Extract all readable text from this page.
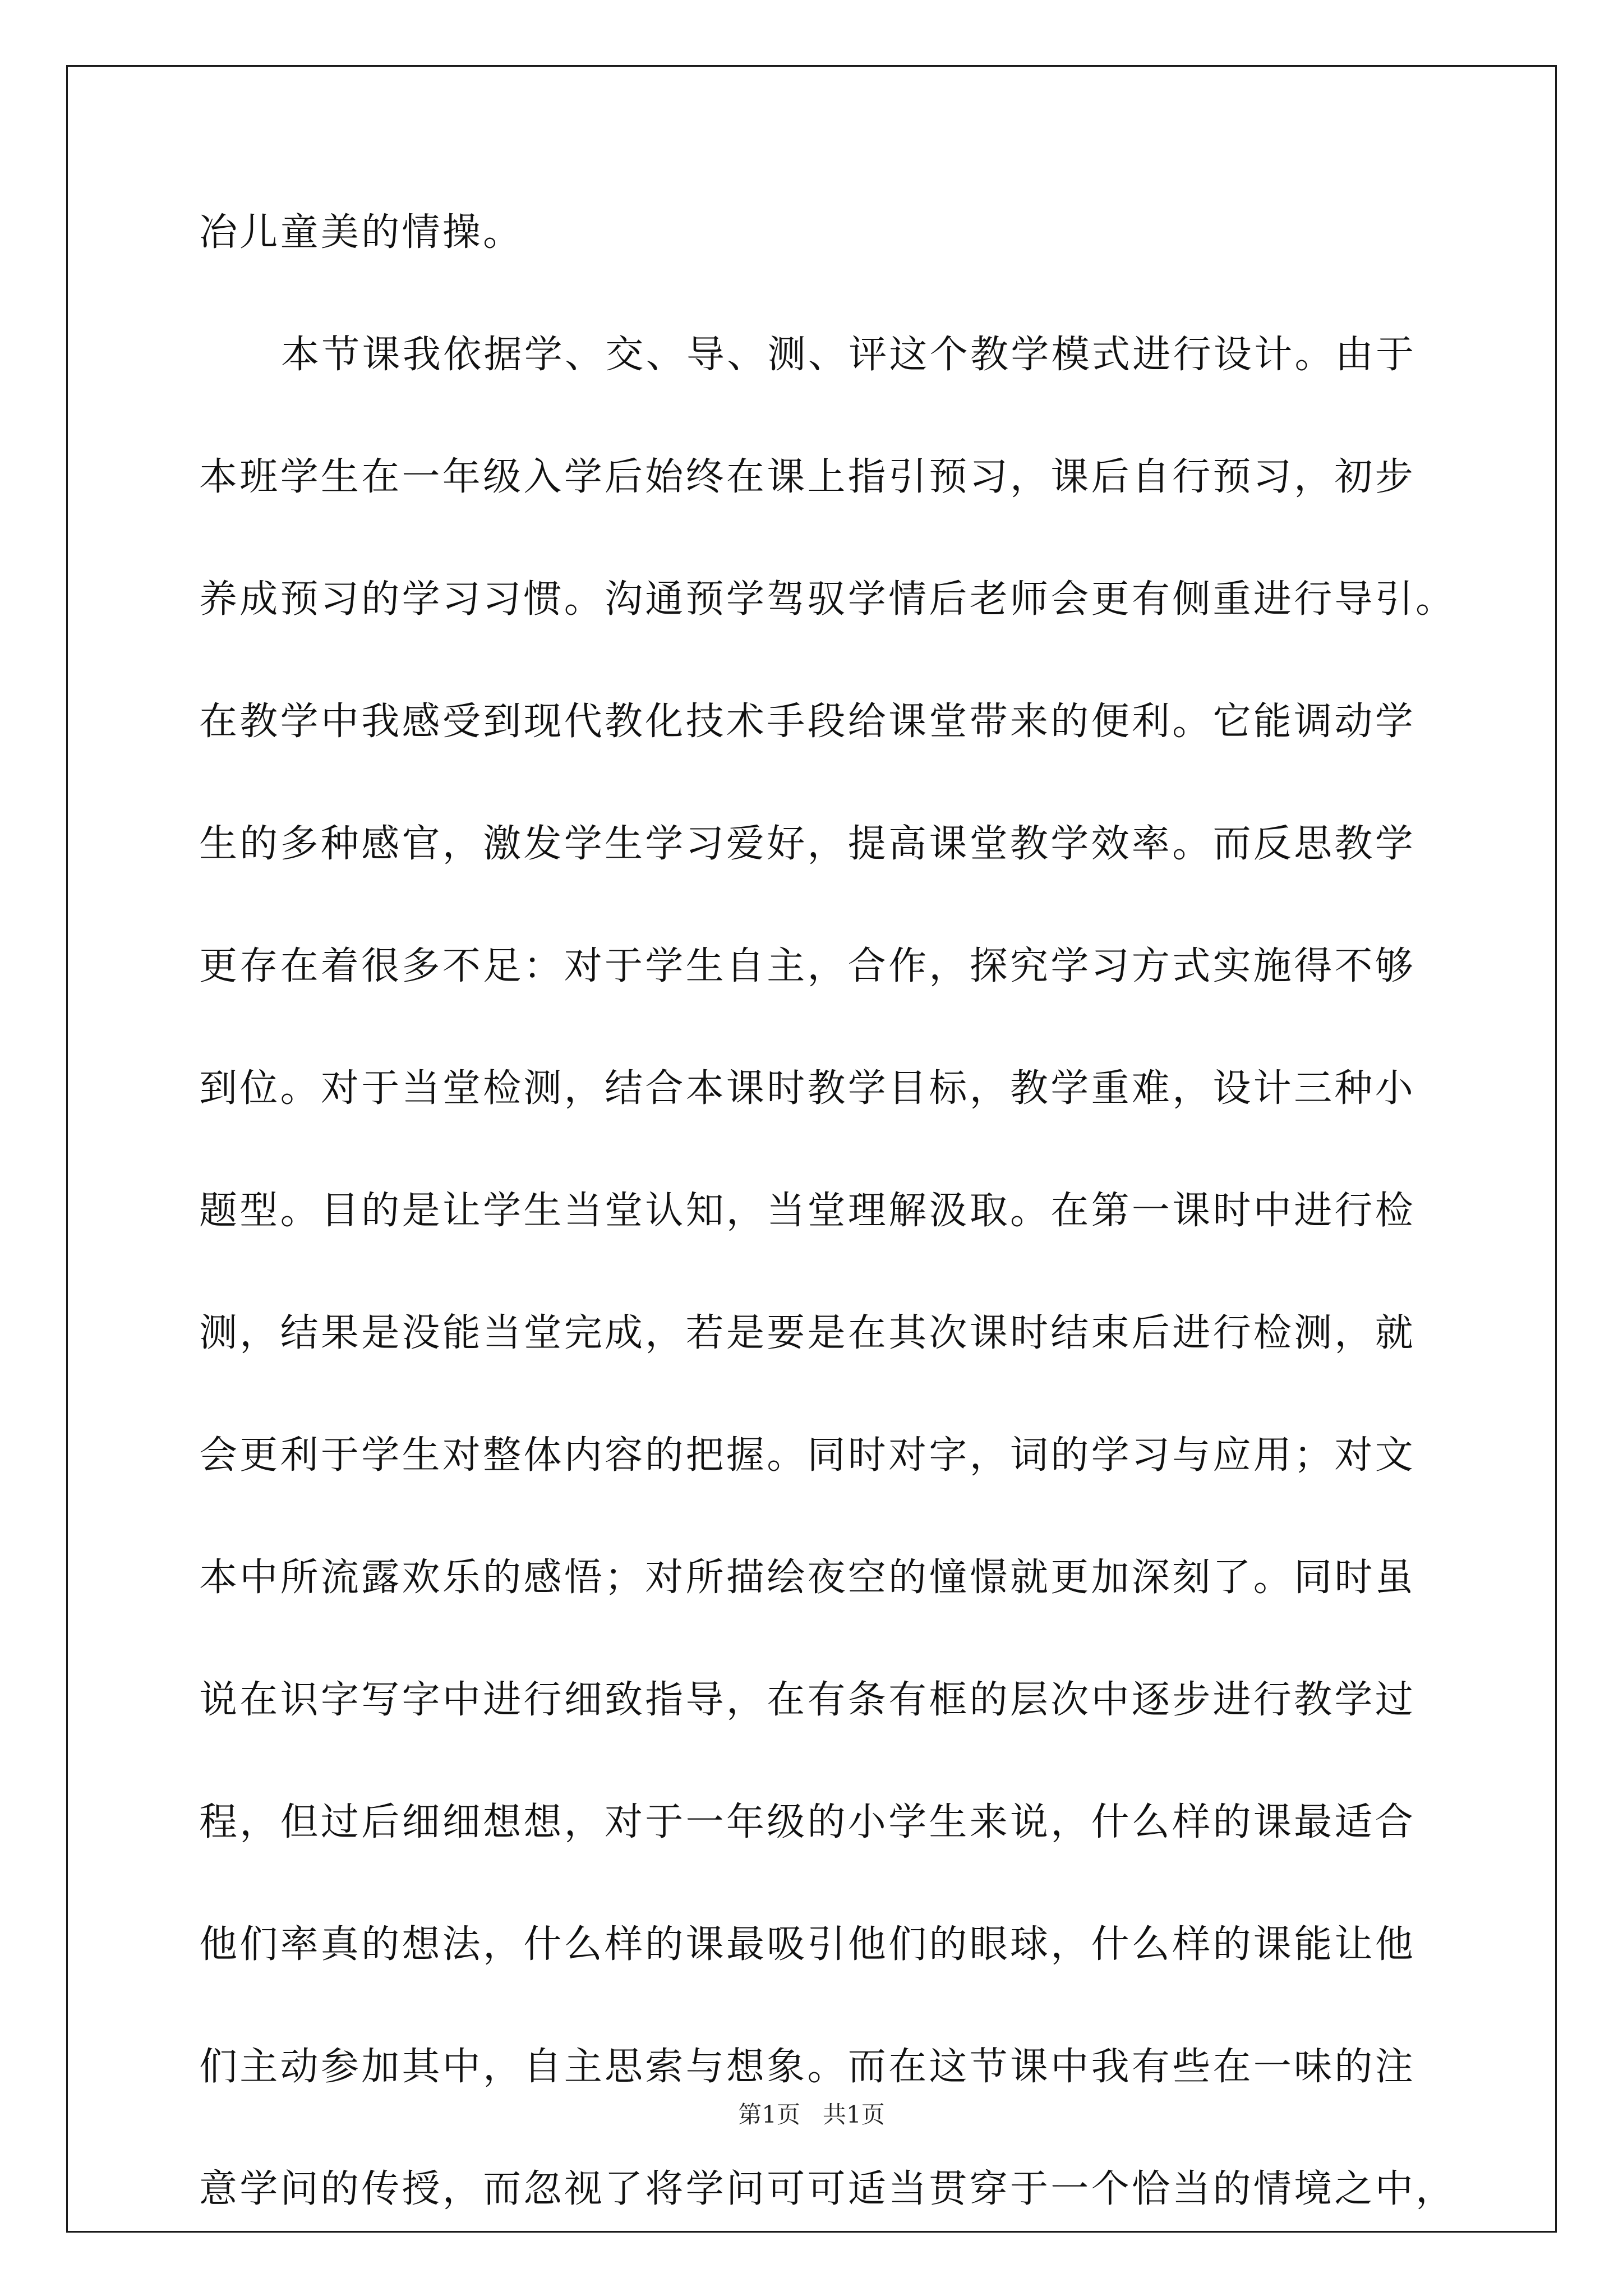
冶儿童美的情操。
本节课我依据学、交、导、测、评这个教学模式进行设计。由于
本班学生在一年级入学后始终在课上指引预习，课后自行预习，初步
养成预习的学习习惯。沟通预学驾驭学情后老师会更有侧重进行导引。
在教学中我感受到现代教化技术手段给课堂带来的便利。它能调动学
生的多种感官，激发学生学习爱好，提高课堂教学效率。而反思教学
更存在着很多不足：对于学生自主，合作，探究学习方式实施得不够
到位。对于当堂检测，结合本课时教学目标，教学重难，设计三种小
题型。目的是让学生当堂认知，当堂理解汲取。在第一课时中进行检
测，结果是没能当堂完成，若是要是在其次课时结束后进行检测，就
会更利于学生对整体内容的把握。同时对字，词的学习与应用；对文
本中所流露欢乐的感悟；对所描绘夜空的憧憬就更加深刻了。同时虽
说在识字写字中进行细致指导，在有条有框的层次中逐步进行教学过
程，但过后细细想想，对于一年级的小学生来说，什么样的课最适合
他们率真的想法，什么样的课最吸引他们的眼球，什么样的课能让他
们主动参加其中，自主思索与想象。而在这节课中我有些在一味的注
意学问的传授，而忽视了将学问可可适当贯穿于一个恰当的情境之中，
第1页   共1页
